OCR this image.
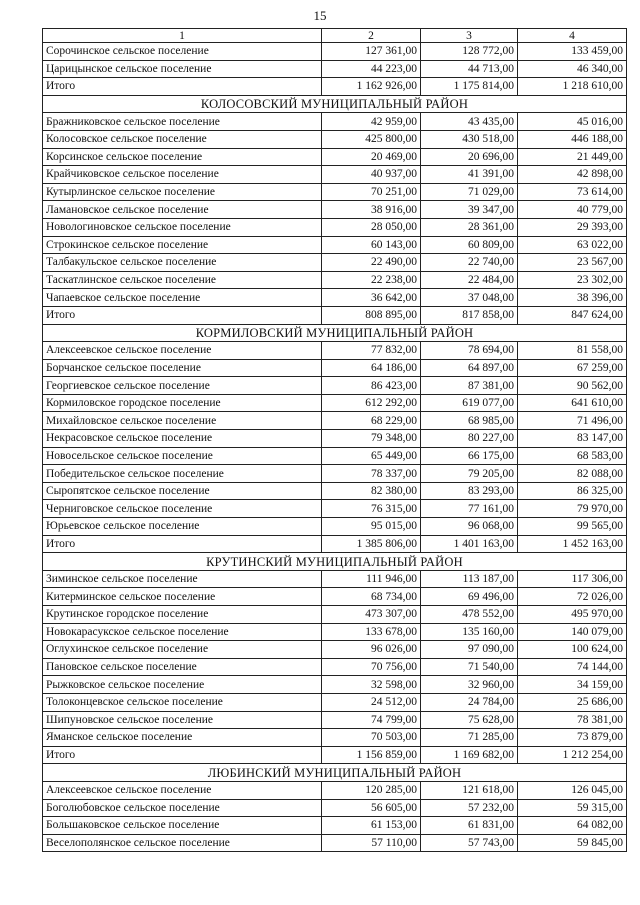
15
1	2	3	4
Сорочинское сельское поселение	127 361,00	128 772,00	133 459,00
Царицынское сельское поселение	44 223,00	44 713,00	46 340,00
Итого	1 162 926,00	1 175 814,00	1 218 610,00
КОЛОСОВСКИЙ МУНИЦИПАЛЬНЫЙ РАЙОН			
Бражниковское сельское поселение	42 959,00	43 435,00	45 016,00
Колосовское сельское поселение	425 800,00	430 518,00	446 188,00
Корсинское сельское поселение	20 469,00	20 696,00	21 449,00
Крайчиковское сельское поселение	40 937,00	41 391,00	42 898,00
Кутырлинское сельское поселение	70 251,00	71 029,00	73 614,00
Ламановское сельское поселение	38 916,00	39 347,00	40 779,00
Новологиновское сельское поселение	28 050,00	28 361,00	29 393,00
Строкинское сельское поселение	60 143,00	60 809,00	63 022,00
Талбакульское сельское поселение	22 490,00	22 740,00	23 567,00
Таскатлинское сельское поселение	22 238,00	22 484,00	23 302,00
Чапаевское сельское поселение	36 642,00	37 048,00	38 396,00
Итого	808 895,00	817 858,00	847 624,00
КОРМИЛОВСКИЙ МУНИЦИПАЛЬНЫЙ РАЙОН			
Алексеевское сельское поселение	77 832,00	78 694,00	81 558,00
Борчанское сельское поселение	64 186,00	64 897,00	67 259,00
Георгиевское сельское поселение	86 423,00	87 381,00	90 562,00
Кормиловское городское поселение	612 292,00	619 077,00	641 610,00
Михайловское сельское поселение	68 229,00	68 985,00	71 496,00
Некрасовское сельское поселение	79 348,00	80 227,00	83 147,00
Новосельское сельское поселение	65 449,00	66 175,00	68 583,00
Победительское сельское поселение	78 337,00	79 205,00	82 088,00
Сыропятское сельское поселение	82 380,00	83 293,00	86 325,00
Черниговское сельское поселение	76 315,00	77 161,00	79 970,00
Юрьевское сельское поселение	95 015,00	96 068,00	99 565,00
Итого	1 385 806,00	1 401 163,00	1 452 163,00
КРУТИНСКИЙ МУНИЦИПАЛЬНЫЙ РАЙОН			
Зиминское сельское поселение	111 946,00	113 187,00	117 306,00
Китерминское сельское поселение	68 734,00	69 496,00	72 026,00
Крутинское городское поселение	473 307,00	478 552,00	495 970,00
Новокарасукское сельское поселение	133 678,00	135 160,00	140 079,00
Оглухинское сельское поселение	96 026,00	97 090,00	100 624,00
Пановское сельское поселение	70 756,00	71 540,00	74 144,00
Рыжковское сельское поселение	32 598,00	32 960,00	34 159,00
Толоконцевское сельское поселение	24 512,00	24 784,00	25 686,00
Шипуновское сельское поселение	74 799,00	75 628,00	78 381,00
Яманское сельское поселение	70 503,00	71 285,00	73 879,00
Итого	1 156 859,00	1 169 682,00	1 212 254,00
ЛЮБИНСКИЙ МУНИЦИПАЛЬНЫЙ РАЙОН			
Алексеевское сельское поселение	120 285,00	121 618,00	126 045,00
Боголюбовское сельское поселение	56 605,00	57 232,00	59 315,00
Большаковское сельское поселение	61 153,00	61 831,00	64 082,00
Веселополянское сельское поселение	57 110,00	57 743,00	59 845,00
